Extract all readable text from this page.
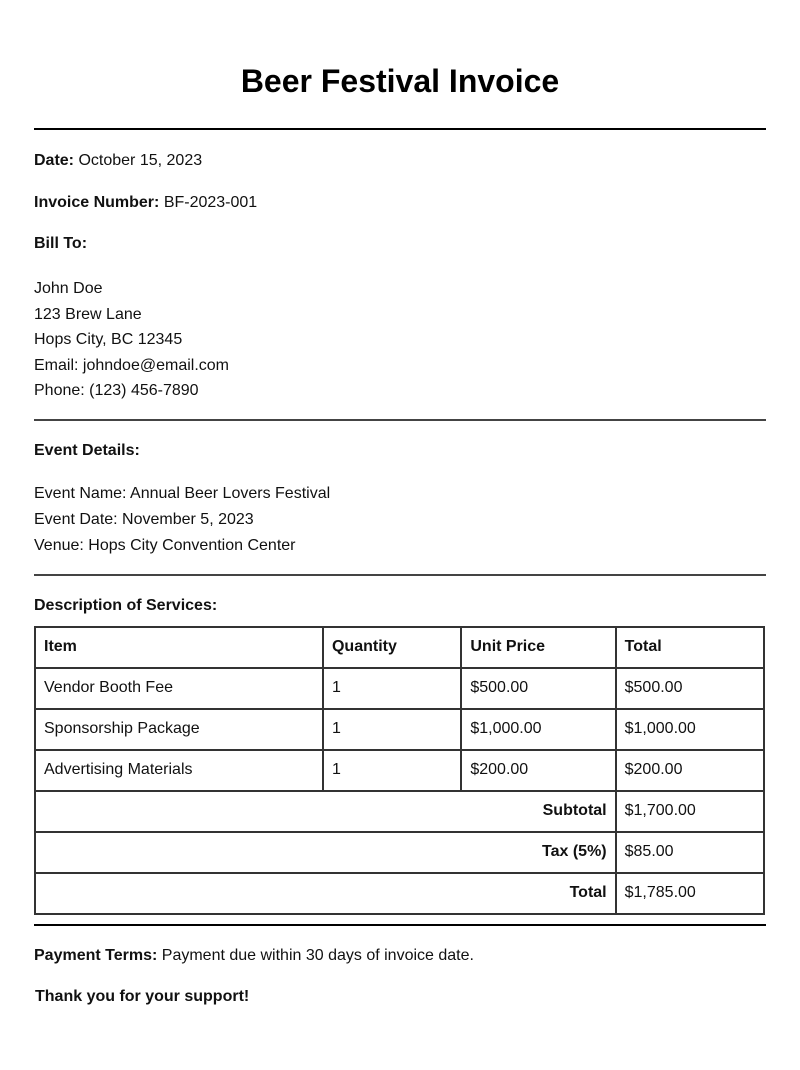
Beer Festival Invoice

Date: October 15, 2023

Invoice Number: BF-2023-001

Bill To:

John Doe

123 Brew Lane

Hops City, BC 12345

Email: johndoe@email.com

Phone: (123) 456-7890

Event Details:

Event Name: Annual Beer Lovers Festival

Event Date: November 5, 2023

Venue: Hops City Convention Center

Description of Services:

Item	Quantity	Unit Price	Total
Vendor Booth Fee	1	$500.00	$500.00
Sponsorship Package	1	$1,000.00	$1,000.00
Advertising Materials	1	$200.00	$200.00
Subtotal			$1,700.00
Tax (5%)			$85.00
Total			$1,785.00

Payment Terms: Payment due within 30 days of invoice date.

Thank you for your support!
